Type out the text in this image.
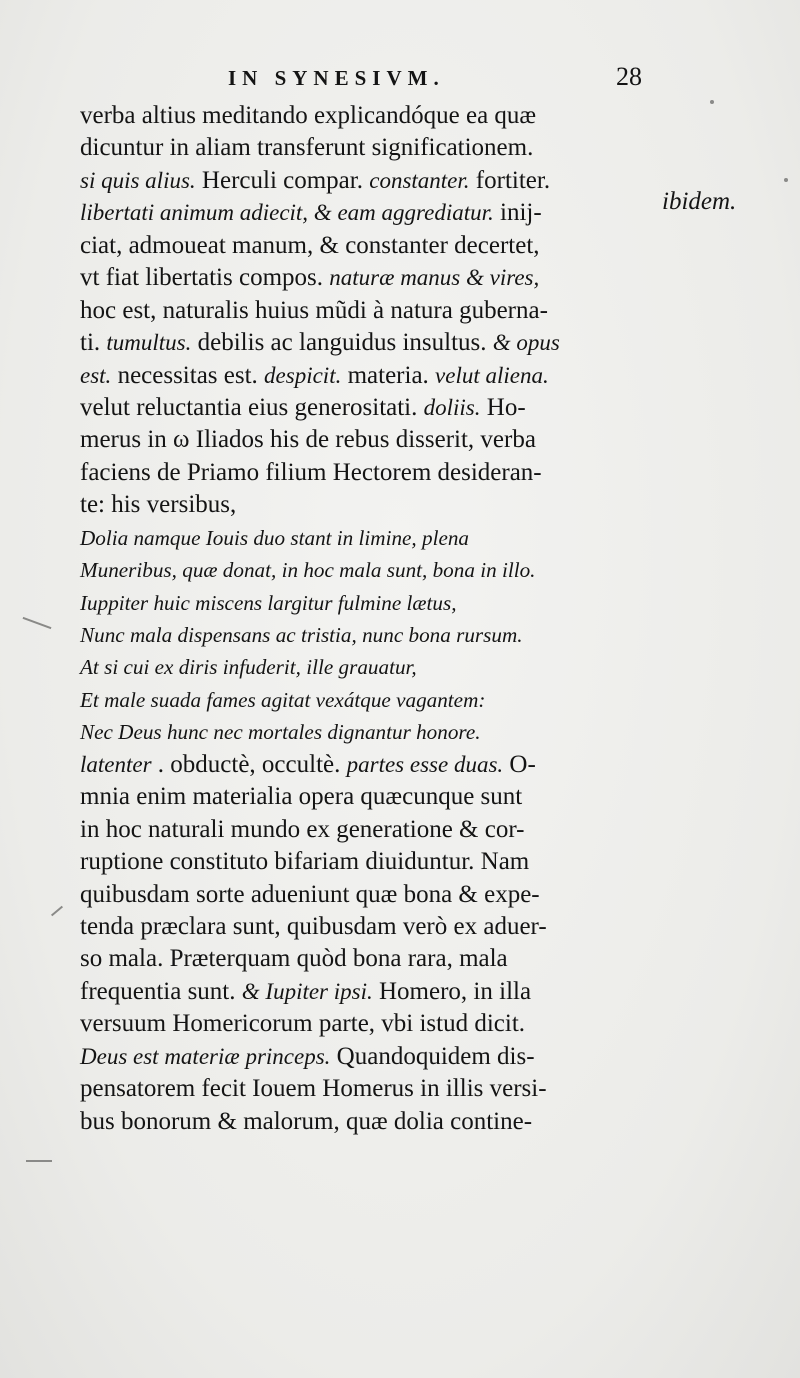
IN SYNESIVM.	28
verba altius meditando explicandóque ea quæ
dicuntur in aliam transferunt significationem.
si quis alius. Herculi compar. constanter. fortiter.
libertati animum adiecit, & eam aggrediatur. inij-
ciat, admoueat manum, & constanter decertet,
vt fiat libertatis compos. naturæ manus & vires,
hoc est, naturalis huius mũdi à natura guberna-
ti. tumultus. debilis ac languidus insultus. & opus
est. necessitas est. despicit. materia. velut aliena.
velut reluctantia eius generositati. doliis. Ho-
merus in ω Iliados his de rebus disserit, verba
faciens de Priamo filium Hectorem desideran-
te: his versibus,
Dolia namque Iouis duo stant in limine, plena
Muneribus, quæ donat, in hoc mala sunt, bona in illo.
Iuppiter huic miscens largitur fulmine lætus,
Nunc mala dispensans ac tristia, nunc bona rursum.
At si cui ex diris infuderit, ille grauatur,
Et male suada fames agitat vexátque vagantem:
Nec Deus hunc nec mortales dignantur honore.
latenter . obductè, occultè. partes esse duas. O-
mnia enim materialia opera quæcunque sunt
in hoc naturali mundo ex generatione & cor-
ruptione constituto bifariam diuiduntur. Nam
quibusdam sorte adueniunt quæ bona & expe-
tenda præclara sunt, quibusdam verò ex aduer-
so mala. Præterquam quòd bona rara, mala
frequentia sunt. & Iupiter ipsi. Homero, in illa
versuum Homericorum parte, vbi istud dicit.
Deus est materiæ princeps. Quandoquidem dis-
pensatorem fecit Iouem Homerus in illis versi-
bus bonorum & malorum, quæ dolia contine-
ibidem.
